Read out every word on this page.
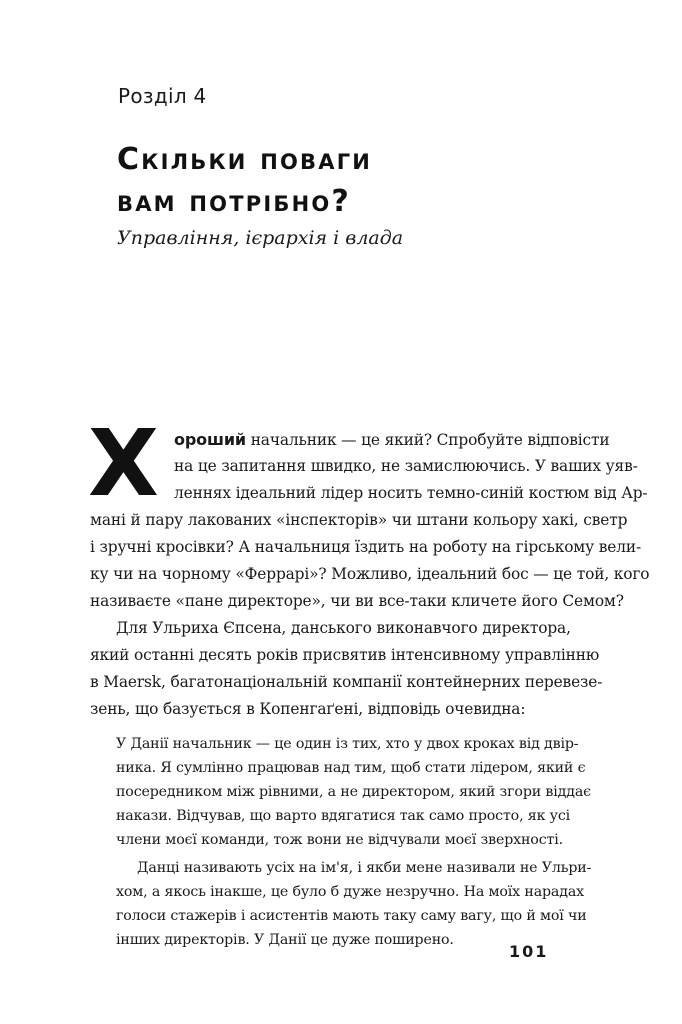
Розділ 4
Скільки поваги
вам потрібно?
Управління, ієрархія і влада
Х ороший начальник — це який? Спробуйте відповісти
на це запитання швидко, не замислюючись. У ваших уяв-
леннях ідеальний лідер носить темно-синій костюм від Ар-
мані й пару лакованих «інспекторів» чи штани кольору хакі, светр
і зручні кросівки? А начальниця їздить на роботу на гірському вели-
ку чи на чорному «Феррарі»? Можливо, ідеальний бос — це той, кого
називаєте «пане директоре», чи ви все-таки кличете його Семом?
Для Ульриха Єпсена, данського виконавчого директора,
який останні десять років присвятив інтенсивному управлінню
в Maersk, багатонаціональній компанії контейнерних перевезе-
зень, що базується в Копенгаґені, відповідь очевидна:
У Данії начальник — це один із тих, хто у двох кроках від двір-
ника. Я сумлінно працював над тим, щоб стати лідером, який є
посередником між рівними, а не директором, який згори віддає
накази. Відчував, що варто вдягатися так само просто, як усі
члени моєї команди, тож вони не відчували моєї зверхності.
Данці називають усіх на ім'я, і якби мене називали не Ульри-
хом, а якось інакше, це було б дуже незручно. На моїх нарадах
голоси стажерів і асистентів мають таку саму вагу, що й мої чи
інших директорів. У Данії це дуже поширено.
101
